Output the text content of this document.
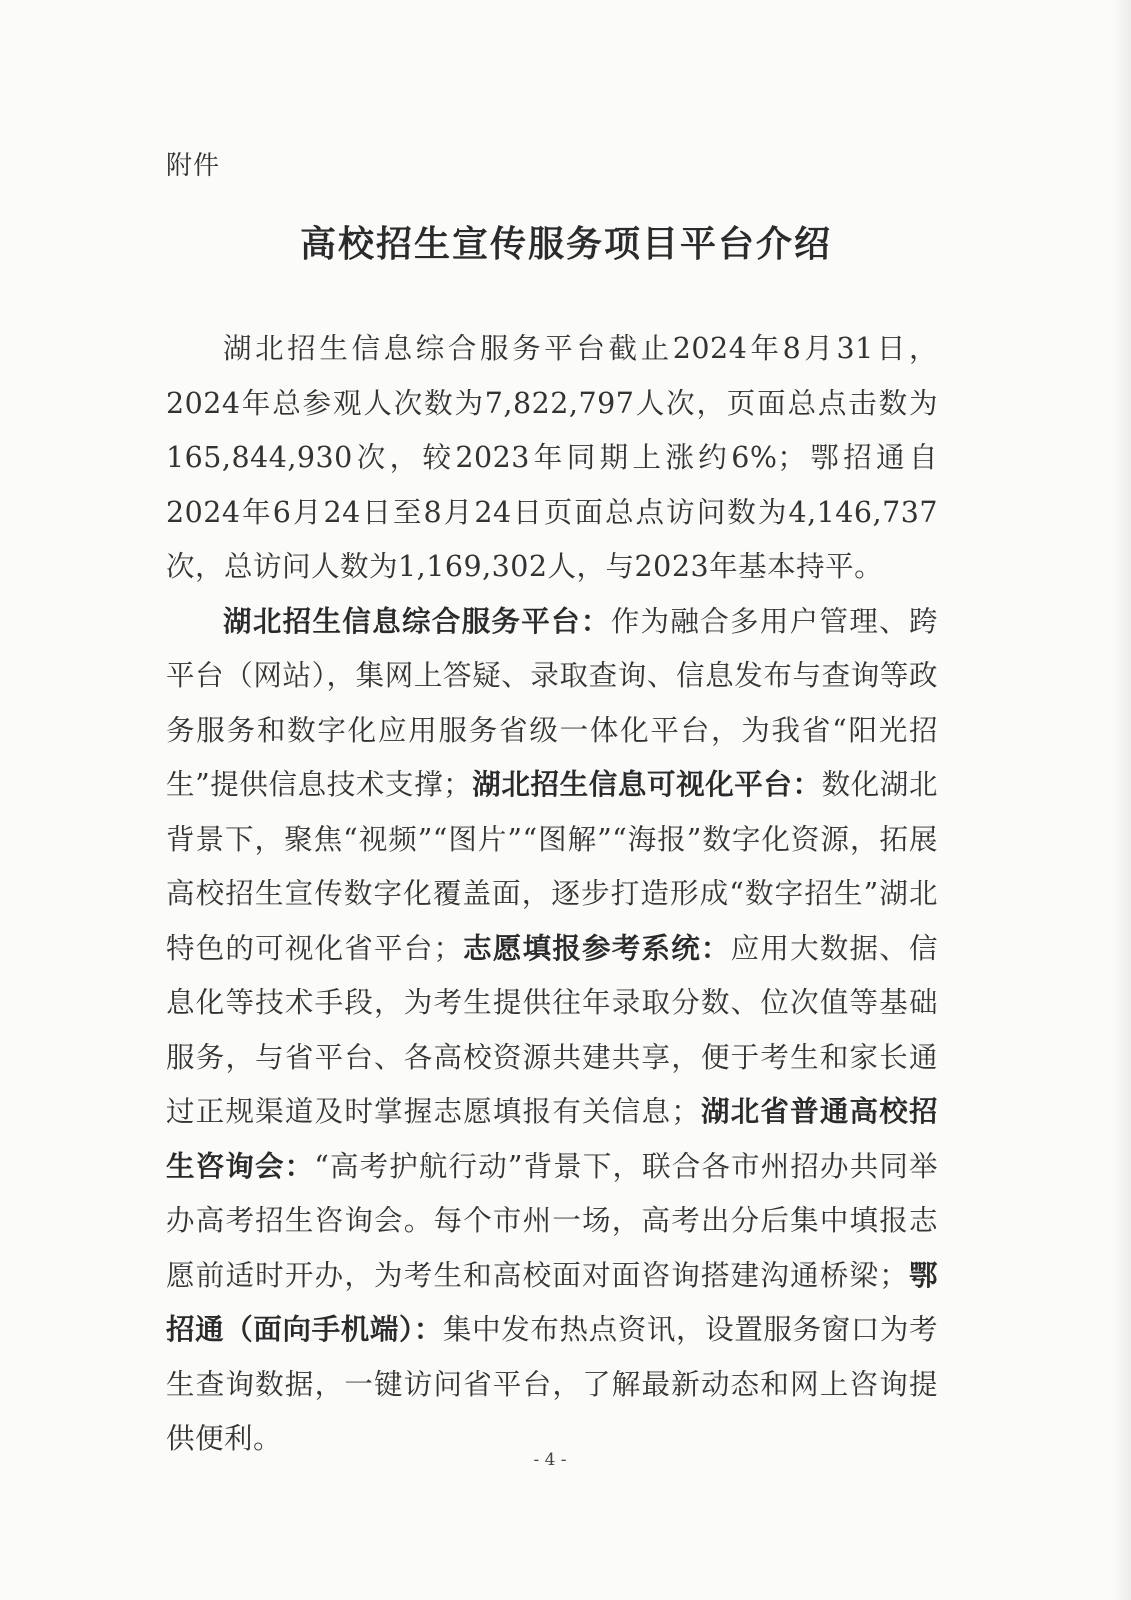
附件
高校招生宣传服务项目平台介绍

湖北招生信息综合服务平台截止2024年8月31日，2024年总参观人次数为7,822,797人次，页面总点击数为165,844,930次，较2023年同期上涨约6%；鄂招通自2024年6月24日至8月24日页面总点访问数为4,146,737次，总访问人数为1,169,302人，与2023年基本持平。

湖北招生信息综合服务平台：作为融合多用户管理、跨平台（网站），集网上答疑、录取查询、信息发布与查询等政务服务和数字化应用服务省级一体化平台，为我省“阳光招生”提供信息技术支撑；湖北招生信息可视化平台：数化湖北背景下，聚焦“视频”“图片”“图解”“海报”数字化资源，拓展高校招生宣传数字化覆盖面，逐步打造形成“数字招生”湖北特色的可视化省平台；志愿填报参考系统：应用大数据、信息化等技术手段，为考生提供往年录取分数、位次值等基础服务，与省平台、各高校资源共建共享，便于考生和家长通过正规渠道及时掌握志愿填报有关信息；湖北省普通高校招生咨询会：“高考护航行动”背景下，联合各市州招办共同举办高考招生咨询会。每个市州一场，高考出分后集中填报志愿前适时开办，为考生和高校面对面咨询搭建沟通桥梁；鄂招通（面向手机端）：集中发布热点资讯，设置服务窗口为考生查询数据，一键访问省平台，了解最新动态和网上咨询提供便利。

- 4 -
